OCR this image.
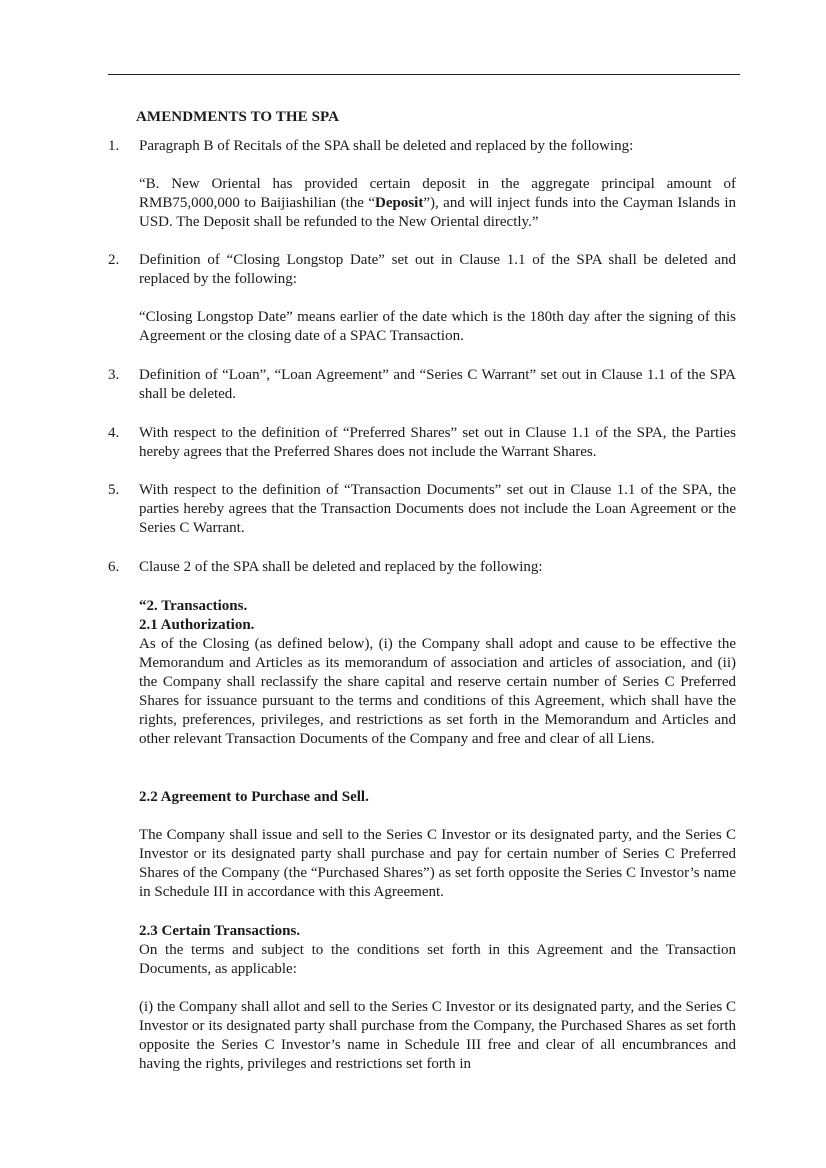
AMENDMENTS TO THE SPA
1.	Paragraph B of Recitals of the SPA shall be deleted and replaced by the following:
“B. New Oriental has provided certain deposit in the aggregate principal amount of RMB75,000,000 to Baijiashilian (the “Deposit”), and will inject funds into the Cayman Islands in USD. The Deposit shall be refunded to the New Oriental directly.”
2.	Definition of “Closing Longstop Date” set out in Clause 1.1 of the SPA shall be deleted and replaced by the following:
“Closing Longstop Date” means earlier of the date which is the 180th day after the signing of this Agreement or the closing date of a SPAC Transaction.
3.	Definition of “Loan”, “Loan Agreement” and “Series C Warrant” set out in Clause 1.1 of the SPA shall be deleted.
4.	With respect to the definition of “Preferred Shares” set out in Clause 1.1 of the SPA, the Parties hereby agrees that the Preferred Shares does not include the Warrant Shares.
5.	With respect to the definition of “Transaction Documents” set out in Clause 1.1 of the SPA, the parties hereby agrees that the Transaction Documents does not include the Loan Agreement or the Series C Warrant.
6.	Clause 2 of the SPA shall be deleted and replaced by the following:
“2. Transactions.
2.1 Authorization.
As of the Closing (as defined below), (i) the Company shall adopt and cause to be effective the Memorandum and Articles as its memorandum of association and articles of association, and (ii) the Company shall reclassify the share capital and reserve certain number of Series C Preferred Shares for issuance pursuant to the terms and conditions of this Agreement, which shall have the rights, preferences, privileges, and restrictions as set forth in the Memorandum and Articles and other relevant Transaction Documents of the Company and free and clear of all Liens.
2.2 Agreement to Purchase and Sell.
The Company shall issue and sell to the Series C Investor or its designated party, and the Series C Investor or its designated party shall purchase and pay for certain number of Series C Preferred Shares of the Company (the “Purchased Shares”) as set forth opposite the Series C Investor’s name in Schedule III in accordance with this Agreement.
2.3 Certain Transactions.
On the terms and subject to the conditions set forth in this Agreement and the Transaction Documents, as applicable:
(i) the Company shall allot and sell to the Series C Investor or its designated party, and the Series C Investor or its designated party shall purchase from the Company, the Purchased Shares as set forth opposite the Series C Investor’s name in Schedule III free and clear of all encumbrances and having the rights, privileges and restrictions set forth in
